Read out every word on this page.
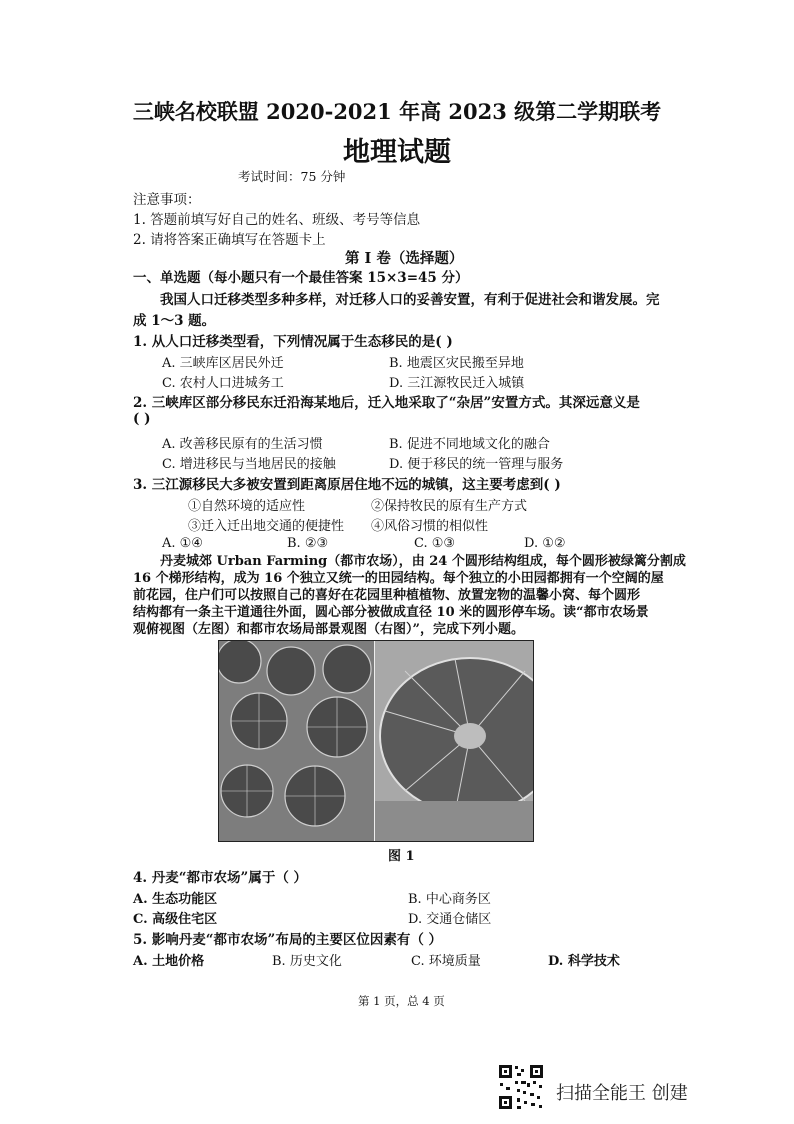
三峡名校联盟 2020-2021 年高 2023 级第二学期联考
地理试题
考试时间：75 分钟
注意事项：
1. 答题前填写好自己的姓名、班级、考号等信息
2. 请将答案正确填写在答题卡上
第 I 卷（选择题）
一、单选题（每小题只有一个最佳答案 15×3=45 分）
我国人口迁移类型多种多样，对迁移人口的妥善安置，有利于促进社会和谐发展。完
成 1～3 题。
1. 从人口迁移类型看，下列情况属于生态移民的是( )
A. 三峡库区居民外迁	B. 地震区灾民搬至异地
C. 农村人口进城务工	D. 三江源牧民迁入城镇
2. 三峡库区部分移民东迁沿海某地后，迁入地采取了“杂居”安置方式。其深远意义是
( )
A. 改善移民原有的生活习惯	B. 促进不同地域文化的融合
C. 增进移民与当地居民的接触	D. 便于移民的统一管理与服务
3. 三江源移民大多被安置到距离原居住地不远的城镇，这主要考虑到( )
①自然环境的适应性	②保持牧民的原有生产方式
③迁入迁出地交通的便捷性 ④风俗习惯的相似性
A. ①④	B. ②③	C. ①③	D. ①②
丹麦城郊 Urban Farming（都市农场），由 24 个圆形结构组成，每个圆形被绿篱分割成
16 个梯形结构，成为 16 个独立又统一的田园结构。每个独立的小田园都拥有一个空阔的屋
前花园，住户们可以按照自己的喜好在花园里种植植物、放置宠物的温馨小窝、每个圆形
结构都有一条主干道通往外面，圆心部分被做成直径 10 米的圆形停车场。读“都市农场景
图 1
4. 丹麦“都市农场”属于（ ）
A. 生态功能区	B. 中心商务区
C. 高级住宅区	D. 交通仓储区
5. 影响丹麦“都市农场”布局的主要区位因素有（ ）
A. 土地价格	B. 历史文化	C. 环境质量	D. 科学技术
第 1 页，总 4 页
扫描全能王 创建
观俯视图（左图）和都市农场局部景观图（右图）”，完成下列小题。
